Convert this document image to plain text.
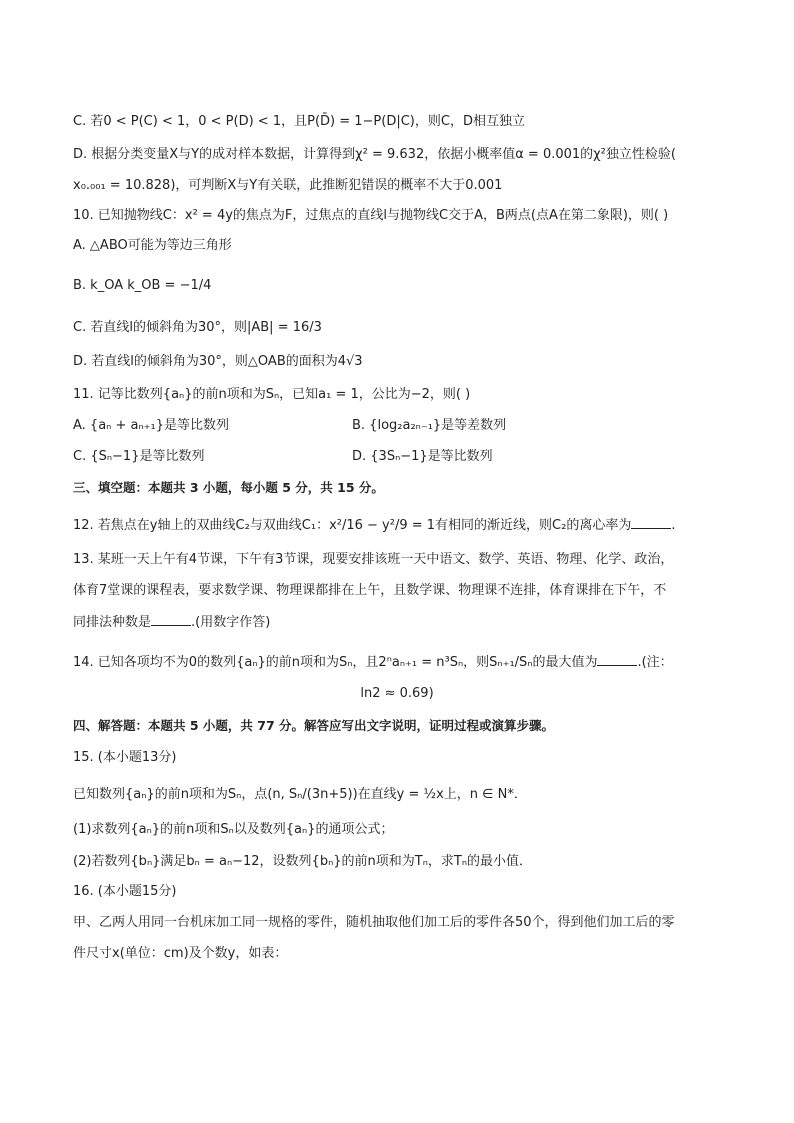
C. 若0 < P(C) < 1，0 < P(D) < 1，且P(D̄) = 1−P(D|C)，则C，D相互独立
D. 根据分类变量X与Y的成对样本数据，计算得到χ² = 9.632，依据小概率值α = 0.001的χ²独立性检验(
x₀.₀₀₁ = 10.828)，可判断X与Y有关联，此推断犯错误的概率不大于0.001
10. 已知抛物线C：x² = 4y的焦点为F，过焦点的直线l与抛物线C交于A，B两点(点A在第二象限)，则( )
A. △ABO可能为等边三角形
B. k_OA k_OB = −1/4
C. 若直线l的倾斜角为30°，则|AB| = 16/3
D. 若直线l的倾斜角为30°，则△OAB的面积为4√3
11. 记等比数列{aₙ}的前n项和为Sₙ，已知a₁ = 1，公比为−2，则( )
A. {aₙ + aₙ₊₁}是等比数列	B. {log₂a₂ₙ₋₁}是等差数列
C. {Sₙ−1}是等比数列	D. {3Sₙ−1}是等比数列
三、填空题：本题共 3 小题，每小题 5 分，共 15 分。
12. 若焦点在y轴上的双曲线C₂与双曲线C₁：x²/16 − y²/9 = 1有相同的渐近线，则C₂的离心率为	.
13. 某班一天上午有4节课，下午有3节课，现要安排该班一天中语文、数学、英语、物理、化学、政治，
体育7堂课的课程表，要求数学课、物理课都排在上午，且数学课、物理课不连排，体育课排在下午，不
同排法种数是	.(用数字作答)
14. 已知各项均不为0的数列{aₙ}的前n项和为Sₙ，且2ⁿaₙ₊₁ = n³Sₙ，则Sₙ₊₁/Sₙ的最大值为	.(注：
ln2 ≈ 0.69)
四、解答题：本题共 5 小题，共 77 分。解答应写出文字说明，证明过程或演算步骤。
15. (本小题13分)
已知数列{aₙ}的前n项和为Sₙ，点(n, Sₙ/(3n+5))在直线y = ½x上，n ∈ N*．
(1)求数列{aₙ}的前n项和Sₙ以及数列{aₙ}的通项公式；
(2)若数列{bₙ}满足bₙ = aₙ−12，设数列{bₙ}的前n项和为Tₙ，求Tₙ的最小值．
16. (本小题15分)
甲、乙两人用同一台机床加工同一规格的零件，随机抽取他们加工后的零件各50个，得到他们加工后的零
件尺寸x(单位：cm)及个数y，如表：
